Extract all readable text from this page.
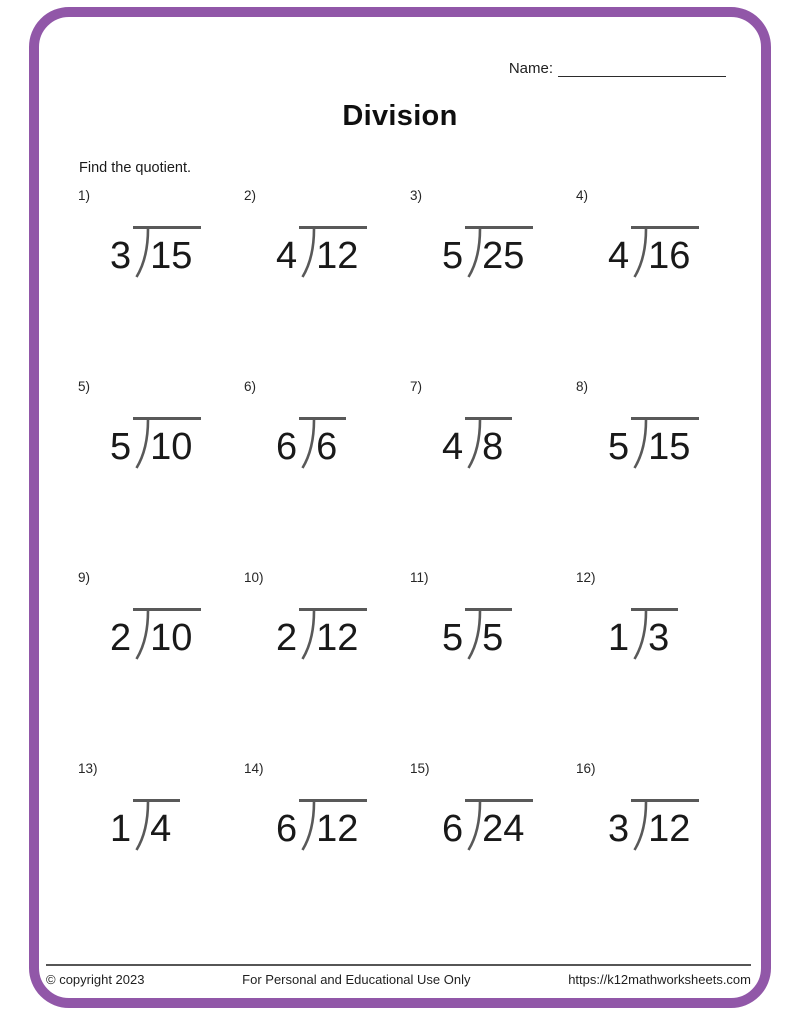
Name:
Division
Find the quotient.
1)
3 15
2)
4 12
3)
5 25
4)
4 16
5)
5 10
6)
6 6
7)
4 8
8)
5 15
9)
2 10
10)
2 12
11)
5 5
12)
1 3
13)
1 4
14)
6 12
15)
6 24
16)
3 12
© copyright 2023	For Personal and Educational Use Only	https://k12mathworksheets.com
